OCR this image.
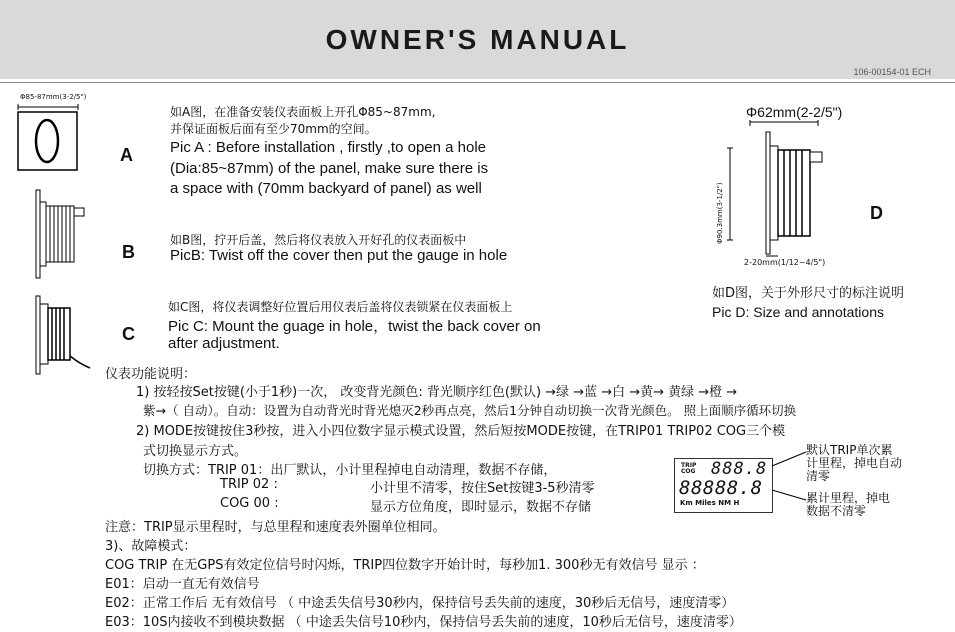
OWNER'S MANUAL
106-00154-01 ECH
Φ85-87mm(3-2/5")
如A图，在准备安装仪表面板上开孔Φ85~87mm,
并保证面板后面有至少70mm的空间。
A Pic A : Before installation , firstly ,to open a hole
(Dia:85~87mm) of the panel, make sure there is
a space with (70mm backyard of panel) as well
如B图，拧开后盖，然后将仪表放入开好孔的仪表面板中
B PicB: Twist off the cover then put the gauge in hole
如C图，将仪表调整好位置后用仪表后盖将仪表锁紧在仪表面板上
C Pic C: Mount the guage in hole，twist the back cover on
after adjustment.
Φ62mm(2-2/5")
Φ90.3mm(3-1/2")	D
2-20mm(1/12~4/5")
如D图，关于外形尺寸的标注说明
Pic D: Size and annotations
仪表功能说明：
1) 按轻按Set按键(小于1秒)一次， 改变背光颜色: 背光顺序红色(默认) →绿 →蓝 →白 →黄→ 黄绿 →橙 →
紫→（ 自动）。自动：设置为自动背光时背光熄灭2秒再点亮，然后1分钟自动切换一次背光颜色。 照上面顺序循环切换
2) MODE按键按住3秒按，进入小四位数字显示模式设置，然后短按MODE按键，在TRIP01 TRIP02 COG三个模
式切换显示方式。
切换方式：TRIP 01：出厂默认，小计里程掉电自动清理，数据不存储，
TRIP 02 :	小计里不清零，按住Set按键3-5秒清零
COG 00 :	显示方位角度，即时显示，数据不存储
注意：TRIP显示里程时，与总里程和速度表外圈单位相同。
TRIP
COG 888.8
88888.8
Km Miles NM H
默认TRIP单次累
计里程，掉电自动
清零
累计里程，掉电
数据不清零
3)、故障模式：
COG TRIP 在无GPS有效定位信号时闪烁，TRIP四位数字开始计时，每秒加1. 300秒无有效信号 显示 ：
E01：启动一直无有效信号
E02：正常工作后 无有效信号 （ 中途丢失信号30秒内，保持信号丢失前的速度，30秒后无信号，速度清零）
E03：10S内接收不到模块数据 （ 中途丢失信号10秒内，保持信号丢失前的速度，10秒后无信号，速度清零）
